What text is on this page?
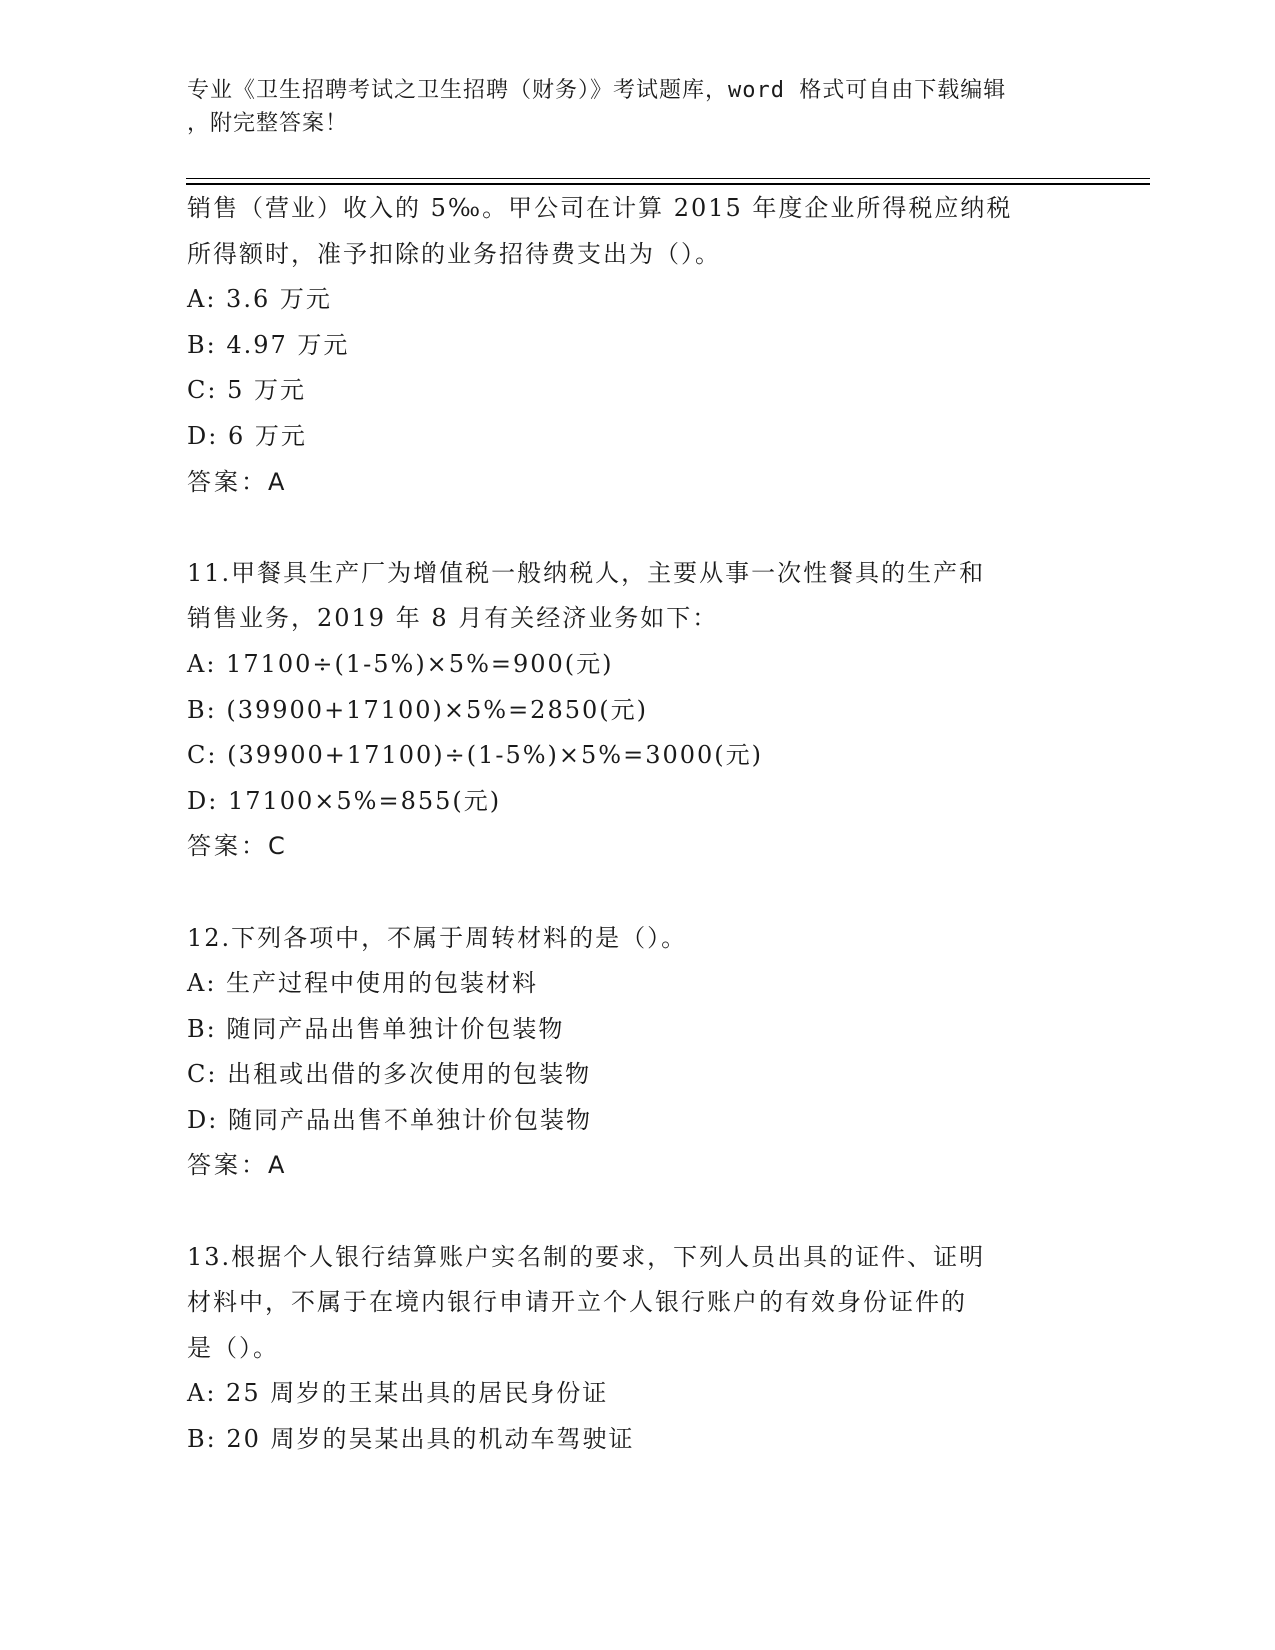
专业《卫生招聘考试之卫生招聘（财务）》考试题库，word 格式可自由下载编辑
，附完整答案！
销售（营业）收入的 5‰。甲公司在计算 2015 年度企业所得税应纳税
所得额时，准予扣除的业务招待费支出为（）。
A: 3.6 万元
B: 4.97 万元
C: 5 万元
D: 6 万元
答案：A
11.甲餐具生产厂为增值税一般纳税人，主要从事一次性餐具的生产和
销售业务，2019 年 8 月有关经济业务如下：
A: 17100÷(1-5%)×5%=900(元)
B: (39900+17100)×5%=2850(元)
C: (39900+17100)÷(1-5%)×5%=3000(元)
D: 17100×5%=855(元)
答案：C
12.下列各项中，不属于周转材料的是（）。
A: 生产过程中使用的包装材料
B: 随同产品出售单独计价包装物
C: 出租或出借的多次使用的包装物
D: 随同产品出售不单独计价包装物
答案：A
13.根据个人银行结算账户实名制的要求，下列人员出具的证件、证明
材料中，不属于在境内银行申请开立个人银行账户的有效身份证件的
是（）。
A: 25 周岁的王某出具的居民身份证
B: 20 周岁的吴某出具的机动车驾驶证
